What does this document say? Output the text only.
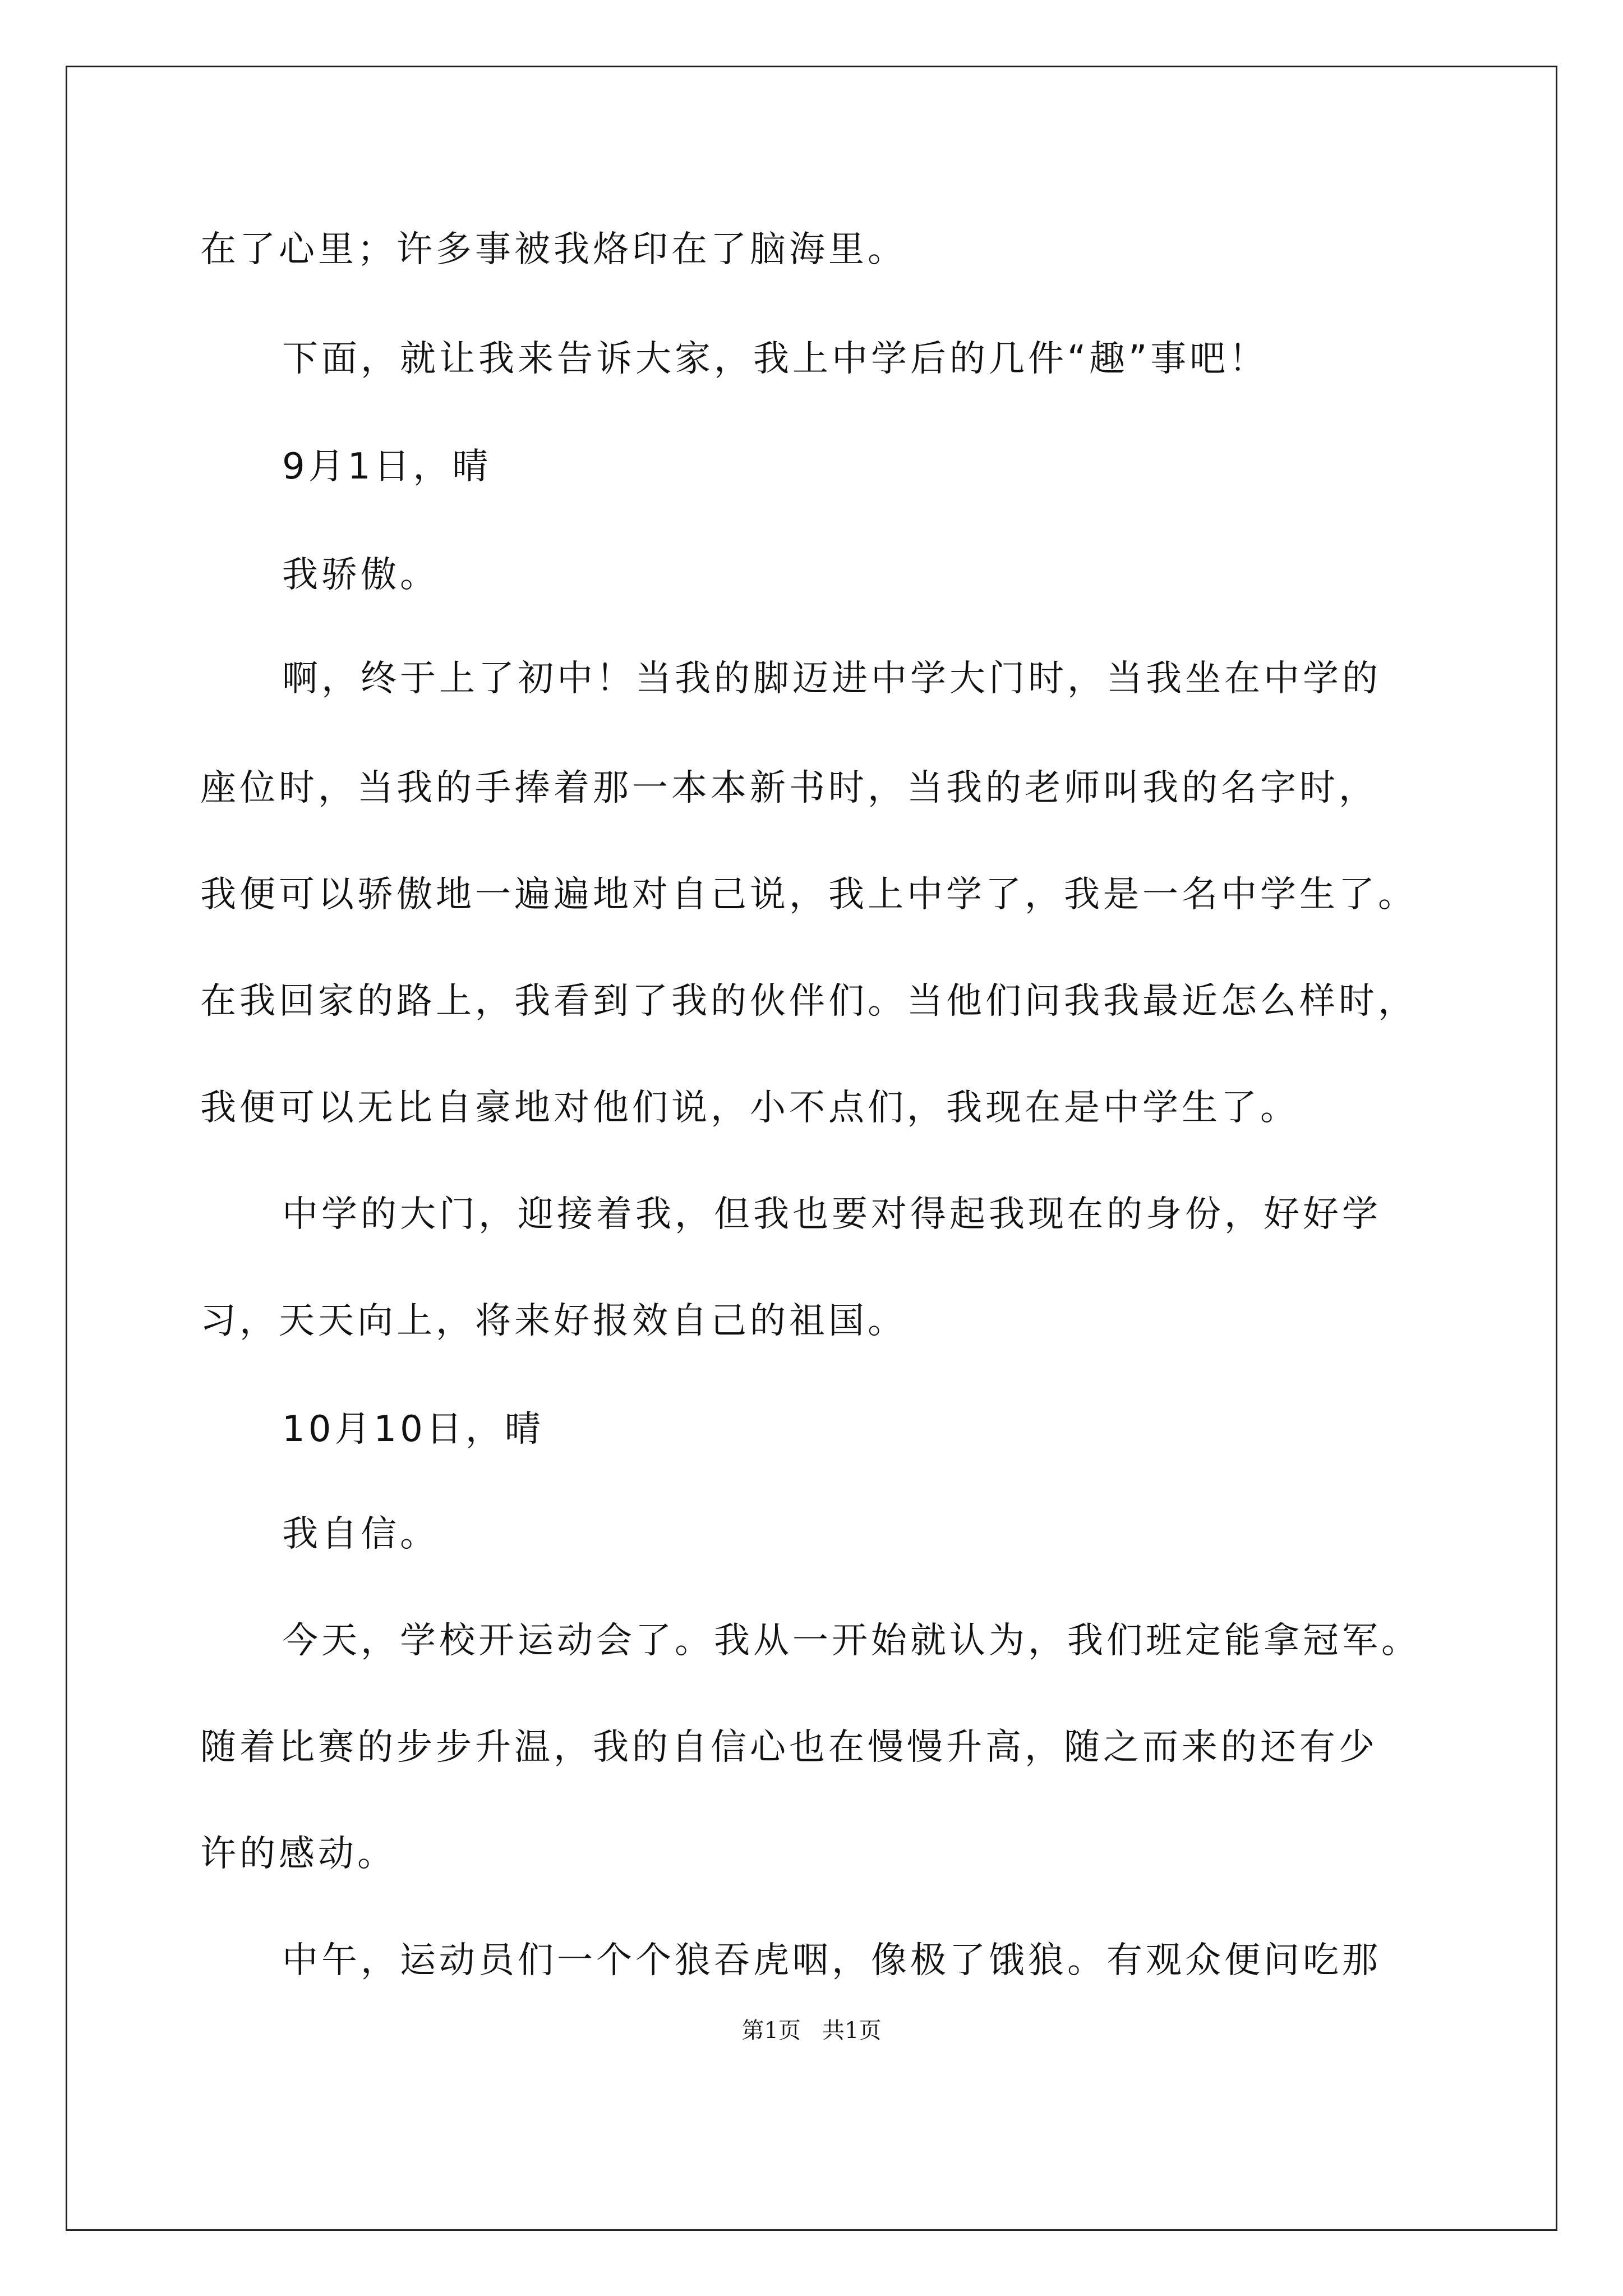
在了心里；许多事被我烙印在了脑海里。
下面，就让我来告诉大家，我上中学后的几件“趣”事吧！
9月1日，晴
我骄傲。
啊，终于上了初中！当我的脚迈进中学大门时，当我坐在中学的
座位时，当我的手捧着那一本本新书时，当我的老师叫我的名字时，
我便可以骄傲地一遍遍地对自己说，我上中学了，我是一名中学生了。
在我回家的路上，我看到了我的伙伴们。当他们问我我最近怎么样时，
我便可以无比自豪地对他们说，小不点们，我现在是中学生了。
中学的大门，迎接着我，但我也要对得起我现在的身份，好好学
习，天天向上，将来好报效自己的祖国。
10月10日，晴
我自信。
今天，学校开运动会了。我从一开始就认为，我们班定能拿冠军。
随着比赛的步步升温，我的自信心也在慢慢升高，随之而来的还有少
许的感动。
中午，运动员们一个个狼吞虎咽，像极了饿狼。有观众便问吃那
第1页   共1页
